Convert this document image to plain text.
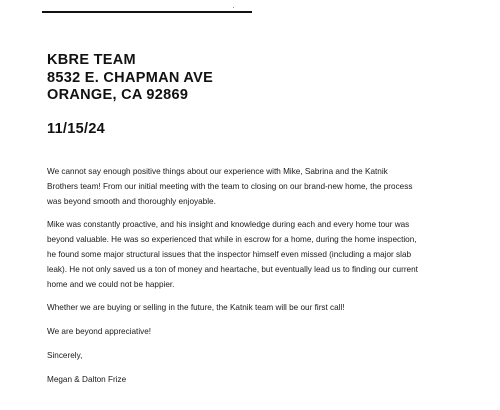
KBRE TEAM
8532 E. CHAPMAN AVE
ORANGE, CA 92869
11/15/24
We cannot say enough positive things about our experience with Mike, Sabrina and the Katnik
Brothers team! From our initial meeting with the team to closing on our brand-new home, the process
was beyond smooth and thoroughly enjoyable.
Mike was constantly proactive, and his insight and knowledge during each and every home tour was
beyond valuable. He was so experienced that while in escrow for a home, during the home inspection,
he found some major structural issues that the inspector himself even missed (including a major slab
leak). He not only saved us a ton of money and heartache, but eventually lead us to finding our current
home and we could not be happier.
Whether we are buying or selling in the future, the Katnik team will be our first call!
We are beyond appreciative!
Sincerely,
Megan & Dalton Frize
